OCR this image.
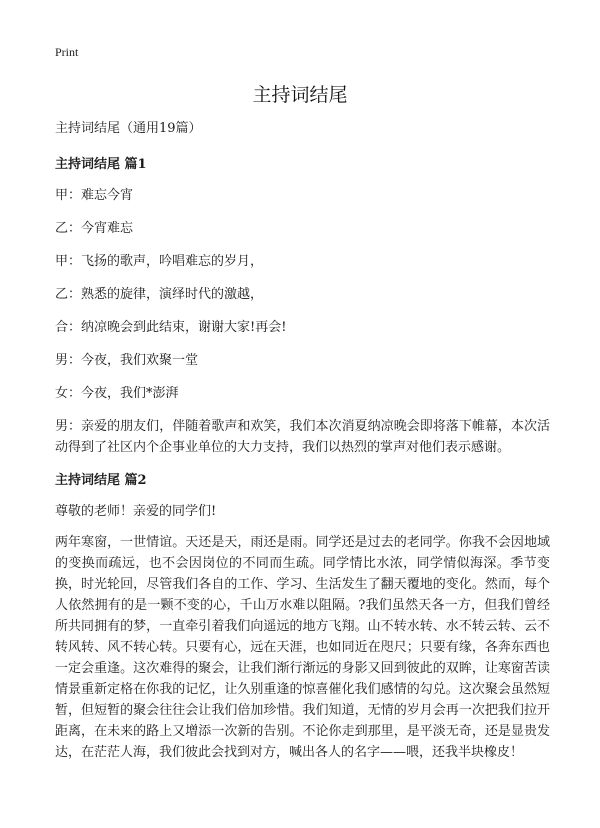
Print
主持词结尾

主持词结尾（通用19篇）

主持词结尾 篇1

甲：难忘今宵

乙：今宵难忘

甲：飞扬的歌声，吟唱难忘的岁月，

乙：熟悉的旋律，演绎时代的激越，

合：纳凉晚会到此结束，谢谢大家!再会!

男：今夜，我们欢聚一堂

女：今夜，我们*澎湃

男：亲爱的朋友们，伴随着歌声和欢笑，我们本次消夏纳凉晚会即将落下帷幕，本次活动得到了社区内个企事业单位的大力支持，我们以热烈的掌声对他们表示感谢。

主持词结尾 篇2

尊敬的老师！亲爱的同学们!

两年寒窗，一世情谊。天还是天，雨还是雨。同学还是过去的老同学。你我不会因地域的变换而疏远，也不会因岗位的不同而生疏。同学情比水浓，同学情似海深。季节变换，时光轮回，尽管我们各自的工作、学习、生活发生了翻天覆地的变化。然而，每个人依然拥有的是一颗不变的心，千山万水难以阻隔。?我们虽然天各一方，但我们曾经所共同拥有的梦，一直牵引着我们向遥远的地方飞翔。山不转水转、水不转云转、云不转风转、风不转心转。只要有心，远在天涯，也如同近在咫尺；只要有缘，各奔东西也一定会重逢。这次难得的聚会，让我们渐行渐远的身影又回到彼此的双眸，让寒窗苦读情景重新定格在你我的记忆，让久别重逢的惊喜催化我们感情的勾兑。这次聚会虽然短暂，但短暂的聚会往往会让我们倍加珍惜。我们知道，无情的岁月会再一次把我们拉开距离，在未来的路上又增添一次新的告别。不论你走到那里，是平淡无奇，还是显贵发达，在茫茫人海，我们彼此会找到对方，喊出各人的名字——喂，还我半块橡皮！
